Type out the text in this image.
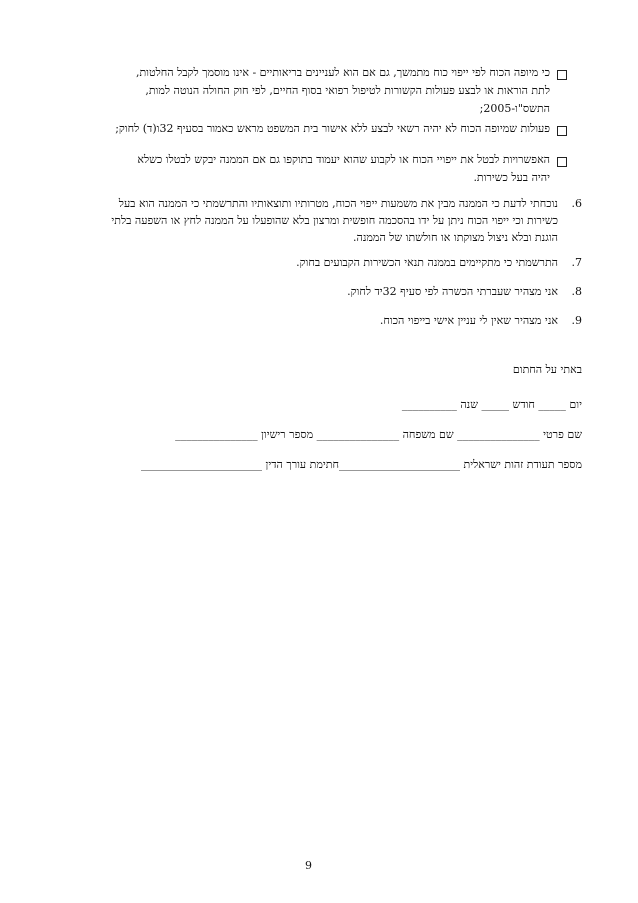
כי מיופה הכוח לפי ייפוי כוח מתמשך, גם אם הוא לעניינים בריאותיים - אינו מוסמך לקבל החלטות,
לתת הוראות או לבצע פעולות הקשורות לטיפול רפואי בסוף החיים, לפי חוק החולה הנוטה למות,
התשס"ו-2005;
פעולות שמיופה הכוח לא יהיה רשאי לבצע ללא אישור בית המשפט מראש כאמור בסעיף 32ו(ד) לחוק;
האפשרויות לבטל את ייפויי הכוח או לקבוע שהוא יעמוד בתוקפו גם אם הממנה יבקש לבטלו כשלא
יהיה בעל כשירות.
6.
נוכחתי לדעת כי הממנה מבין את משמעות ייפוי הכוח, מטרותיו ותוצאותיו והתרשמתי כי הממנה הוא בעל
כשירות וכי ייפוי הכוח ניתן על ידו בהסכמה חופשית ומרצון בלא שהופעלו על הממנה לחץ או השפעה בלתי
הוגנת ובלא ניצול מצוקתו או חולשתו של הממנה.
7.
התרשמתי כי מתקיימים בממנה תנאי הכשירות הקבועים בחוק.
8.
אני מצהיר שעברתי הכשרה לפי סעיף 32יד לחוק.
9.
אני מצהיר שאין לי עניין אישי בייפוי הכוח.
באתי על החתום
יום _____ חודש _____ שנה __________
שם פרטי _______________ שם משפחה _______________ מספר רישיון _______________
מספר תעודת זהות ישראלית ______________________חתימת עורך הדין ______________________
9
